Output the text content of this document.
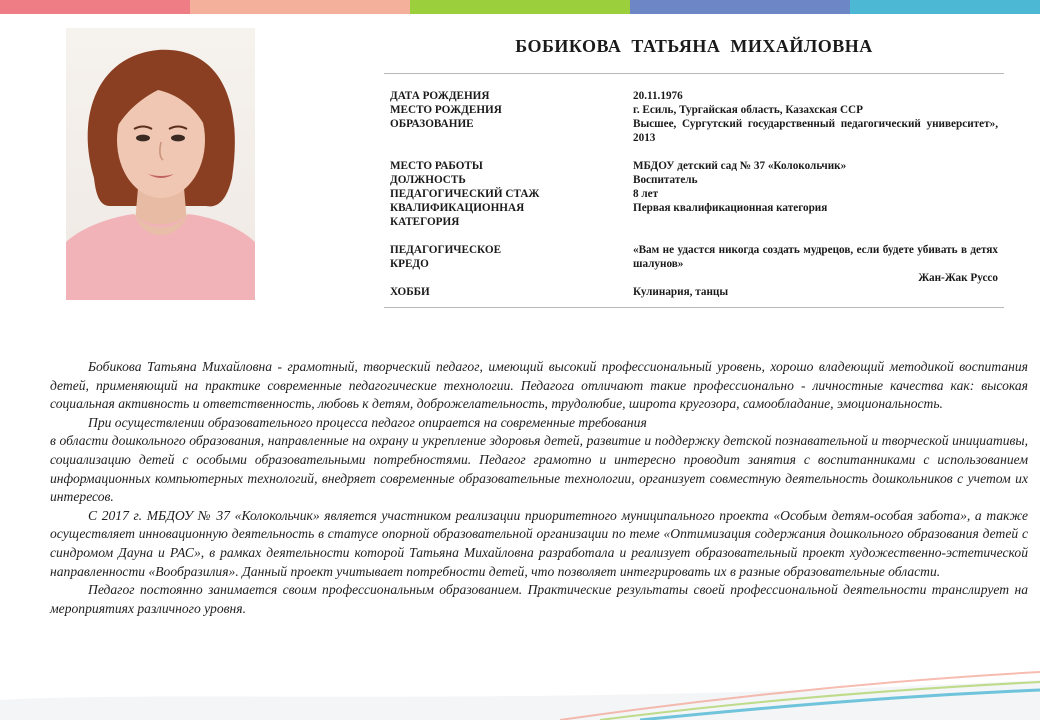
БОБИКОВА  ТАТЬЯНА  МИХАЙЛОВНА
ДАТА РОЖДЕНИЯ	20.11.1976
МЕСТО РОЖДЕНИЯ	г. Есиль, Тургайская область, Казахская ССР
ОБРАЗОВАНИЕ	Высшее, Сургутский государственный педагогический университет», 2013

МЕСТО РАБОТЫ	МБДОУ детский сад № 37 «Колокольчик»
ДОЛЖНОСТЬ	Воспитатель
ПЕДАГОГИЧЕСКИЙ СТАЖ	8 лет
КВАЛИФИКАЦИОННАЯ КАТЕГОРИЯ	Первая квалификационная категория

ПЕДАГОГИЧЕСКОЕ КРЕДО	«Вам не удастся никогда создать мудрецов, если будете убивать в детях шалунов»
Жан-Жак Руссо

ХОББИ	Кулинария, танцы

Бобикова Татьяна Михайловна - грамотный, творческий педагог, имеющий высокий профессиональный уровень, хорошо владеющий методикой воспитания детей, применяющий на практике современные педагогические технологии. Педагога отличают такие профессионально - личностные качества как: высокая социальная активность и ответственность, любовь к детям, доброжелательность, трудолюбие, широта кругозора, самообладание, эмоциональность.

При осуществлении образовательного процесса педагог опирается на современные требования

в области дошкольного образования, направленные на охрану и укрепление здоровья детей, развитие и поддержку детской познавательной и творческой инициативы, социализацию детей с особыми образовательными потребностями. Педагог грамотно и интересно проводит занятия с воспитанниками с использованием информационных компьютерных технологий, внедряет современные образовательные технологии, организует совместную деятельность дошкольников с учетом их интересов.

С 2017 г. МБДОУ № 37 «Колокольчик» является участником реализации приоритетного муниципального проекта «Особым детям-особая забота», а также осуществляет инновационную деятельность в статусе опорной образовательной организации по теме «Оптимизация содержания дошкольного образования детей с синдромом Дауна и РАС», в рамках деятельности которой Татьяна Михайловна разработала и реализует образовательный проект художественно-эстетической направленности «Вообразилия». Данный проект учитывает потребности детей, что позволяет интегрировать их в разные образовательные области.

Педагог постоянно занимается своим профессиональным образованием. Практические результаты своей профессиональной деятельности транслирует на мероприятиях различного уровня.
